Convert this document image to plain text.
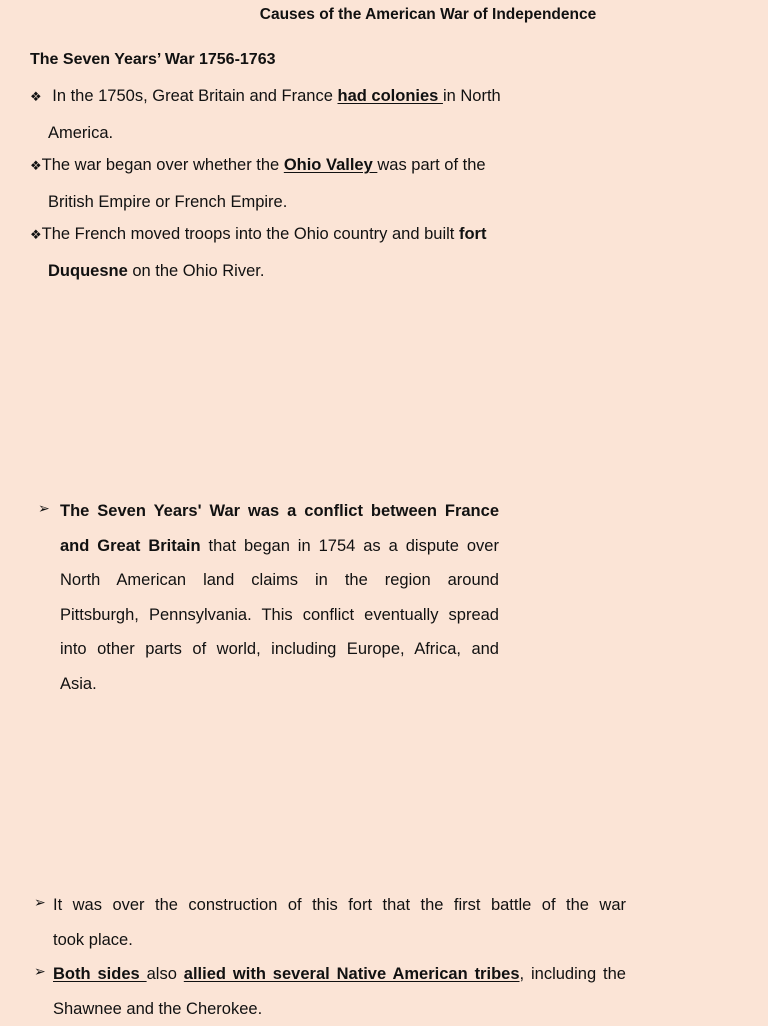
Causes of the American War of Independence
The Seven Years’ War 1756-1763
❖ In the 1750s, Great Britain and France had colonies in North
America.
❖The war began over whether the Ohio Valley was part of the
British Empire or French Empire.
❖The French moved troops into the Ohio country and built fort
Duquesne on the Ohio River.
➢ The Seven Years' War was a conflict between France
and Great Britain that began in 1754 as a dispute over
North American land claims in the region around
Pittsburgh, Pennsylvania. This conflict eventually spread
into other parts of world, including Europe, Africa, and
Asia.
➢ It was over the construction of this fort that the first battle of the war
took place.
➢ Both sides also allied with several Native American tribes, including the
Shawnee and the Cherokee.
